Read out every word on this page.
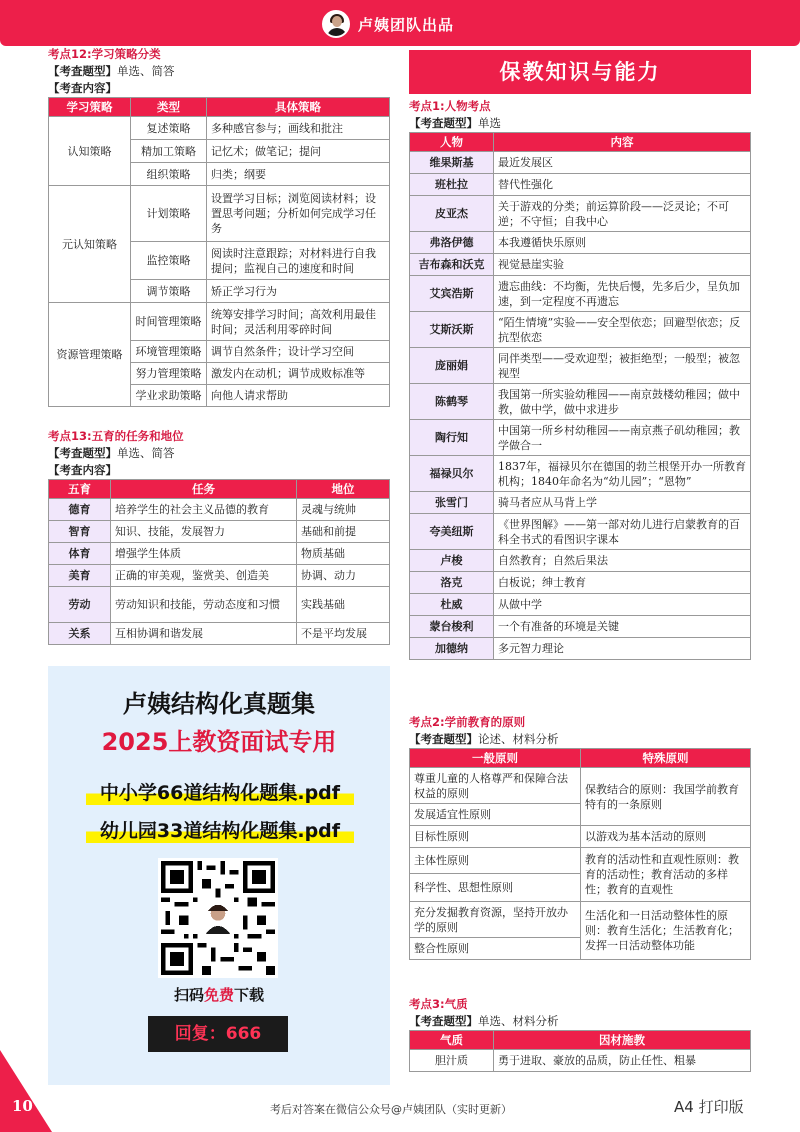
卢姨团队出品
考点12:学习策略分类
【考查题型】单选、简答
【考查内容】
学习策略	类型	具体策略
认知策略	复述策略	多种感官参与；画线和批注
	精加工策略	记忆术；做笔记；提问
	组织策略	归类；纲要
元认知策略	计划策略	设置学习目标；浏览阅读材料；设置思考问题；分析如何完成学习任务
	监控策略	阅读时注意跟踪；对材料进行自我提问；监视自己的速度和时间
	调节策略	矫正学习行为
资源管理策略	时间管理策略	统筹安排学习时间；高效利用最佳时间；灵活利用零碎时间
	环境管理策略	调节自然条件；设计学习空间
	努力管理策略	激发内在动机；调节成败标准等
	学业求助策略	向他人请求帮助
考点13:五育的任务和地位
【考查题型】单选、简答
【考查内容】
五育	任务	地位
德育	培养学生的社会主义品德的教育	灵魂与统帅
智育	知识、技能，发展智力	基础和前提
体育	增强学生体质	物质基础
美育	正确的审美观，鉴赏美、创造美	协调、动力
劳动	劳动知识和技能，劳动态度和习惯	实践基础
关系	互相协调和谐发展	不是平均发展
卢姨结构化真题集
2025上教资面试专用
中小学66道结构化题集.pdf
幼儿园33道结构化题集.pdf
扫码免费下载
回复：666
保教知识与能力
考点1:人物考点
【考查题型】单选
人物	内容
维果斯基	最近发展区
班杜拉	替代性强化
皮亚杰	关于游戏的分类；前运算阶段——泛灵论；不可逆；不守恒；自我中心
弗洛伊德	本我遵循快乐原则
吉布森和沃克	视觉悬崖实验
艾宾浩斯	遗忘曲线：不均衡，先快后慢，先多后少，呈负加速，到一定程度不再遗忘
艾斯沃斯	“陌生情境”实验——安全型依恋；回避型依恋；反抗型依恋
庞丽娟	同伴类型——受欢迎型；被拒绝型；一般型；被忽视型
陈鹤琴	我国第一所实验幼稚园——南京鼓楼幼稚园；做中教，做中学，做中求进步
陶行知	中国第一所乡村幼稚园——南京燕子矶幼稚园；教学做合一
福禄贝尔	1837年，福禄贝尔在德国的勃兰根堡开办一所教育机构；1840年命名为“幼儿园”；“恩物”
张雪门	骑马者应从马背上学
夸美纽斯	《世界图解》——第一部对幼儿进行启蒙教育的百科全书式的看图识字课本
卢梭	自然教育；自然后果法
洛克	白板说；绅士教育
杜威	从做中学
蒙台梭利	一个有准备的环境是关键
加德纳	多元智力理论
考点2:学前教育的原则
【考查题型】论述、材料分析
一般原则	特殊原则
尊重儿童的人格尊严和保障合法权益的原则	保教结合的原则：我国学前教育特有的一条原则
发展适宜性原则	
目标性原则	以游戏为基本活动的原则
主体性原则	教育的活动性和直观性原则：教育的活动性；教育活动的多样性；教育的直观性
科学性、思想性原则	
充分发掘教育资源，坚持开放办学的原则	生活化和一日活动整体性的原则：教育生活化；生活教育化；发挥一日活动整体功能
整合性原则	
考点3:气质
【考查题型】单选、材料分析
气质	因材施教
胆汁质	勇于进取、豪放的品质，防止任性、粗暴
10	考后对答案在微信公众号@卢姨团队（实时更新）	A4 打印版
